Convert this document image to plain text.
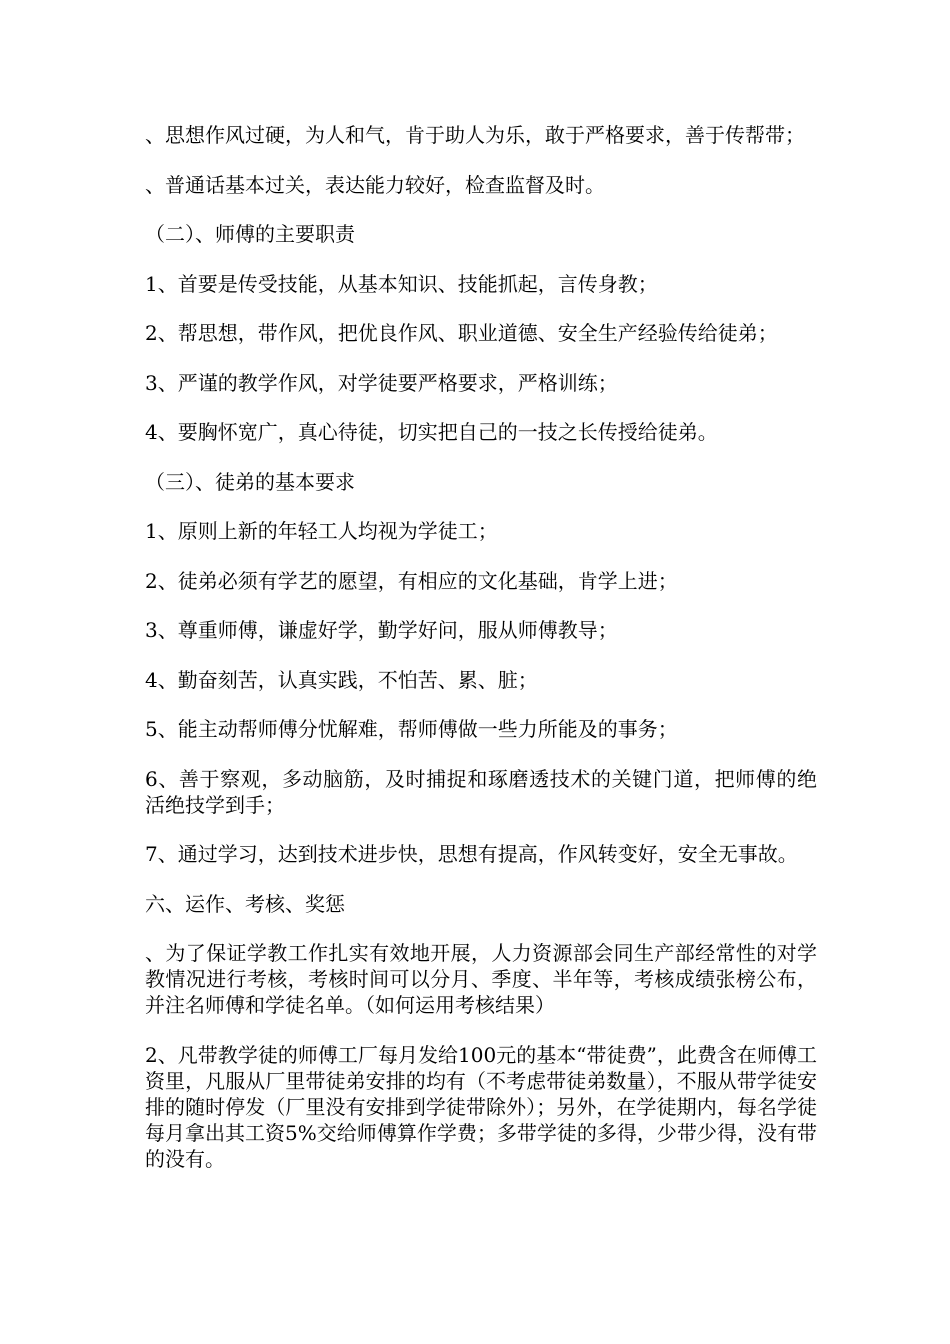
、思想作风过硬，为人和气，肯于助人为乐，敢于严格要求，善于传帮带；

、普通话基本过关，表达能力较好，检查监督及时。

（二）、师傅的主要职责

1、首要是传受技能，从基本知识、技能抓起，言传身教；

2、帮思想，带作风，把优良作风、职业道德、安全生产经验传给徒弟；

3、严谨的教学作风，对学徒要严格要求，严格训练；

4、要胸怀宽广，真心待徒，切实把自己的一技之长传授给徒弟。

（三）、徒弟的基本要求

1、原则上新的年轻工人均视为学徒工；

2、徒弟必须有学艺的愿望，有相应的文化基础，肯学上进；

3、尊重师傅，谦虚好学，勤学好问，服从师傅教导；

4、勤奋刻苦，认真实践，不怕苦、累、脏；

5、能主动帮师傅分忧解难，帮师傅做一些力所能及的事务；

6、善于察观，多动脑筋，及时捕捉和琢磨透技术的关键门道，把师傅的绝活绝技学到手；

7、通过学习，达到技术进步快，思想有提高，作风转变好，安全无事故。

六、运作、考核、奖惩

、为了保证学教工作扎实有效地开展，人力资源部会同生产部经常性的对学教情况进行考核，考核时间可以分月、季度、半年等，考核成绩张榜公布，并注名师傅和学徒名单。（如何运用考核结果）

2、凡带教学徒的师傅工厂每月发给100元的基本“带徒费”，此费含在师傅工资里，凡服从厂里带徒弟安排的均有（不考虑带徒弟数量），不服从带学徒安排的随时停发（厂里没有安排到学徒带除外）；另外，在学徒期内，每名学徒每月拿出其工资5%交给师傅算作学费；多带学徒的多得，少带少得，没有带的没有。
